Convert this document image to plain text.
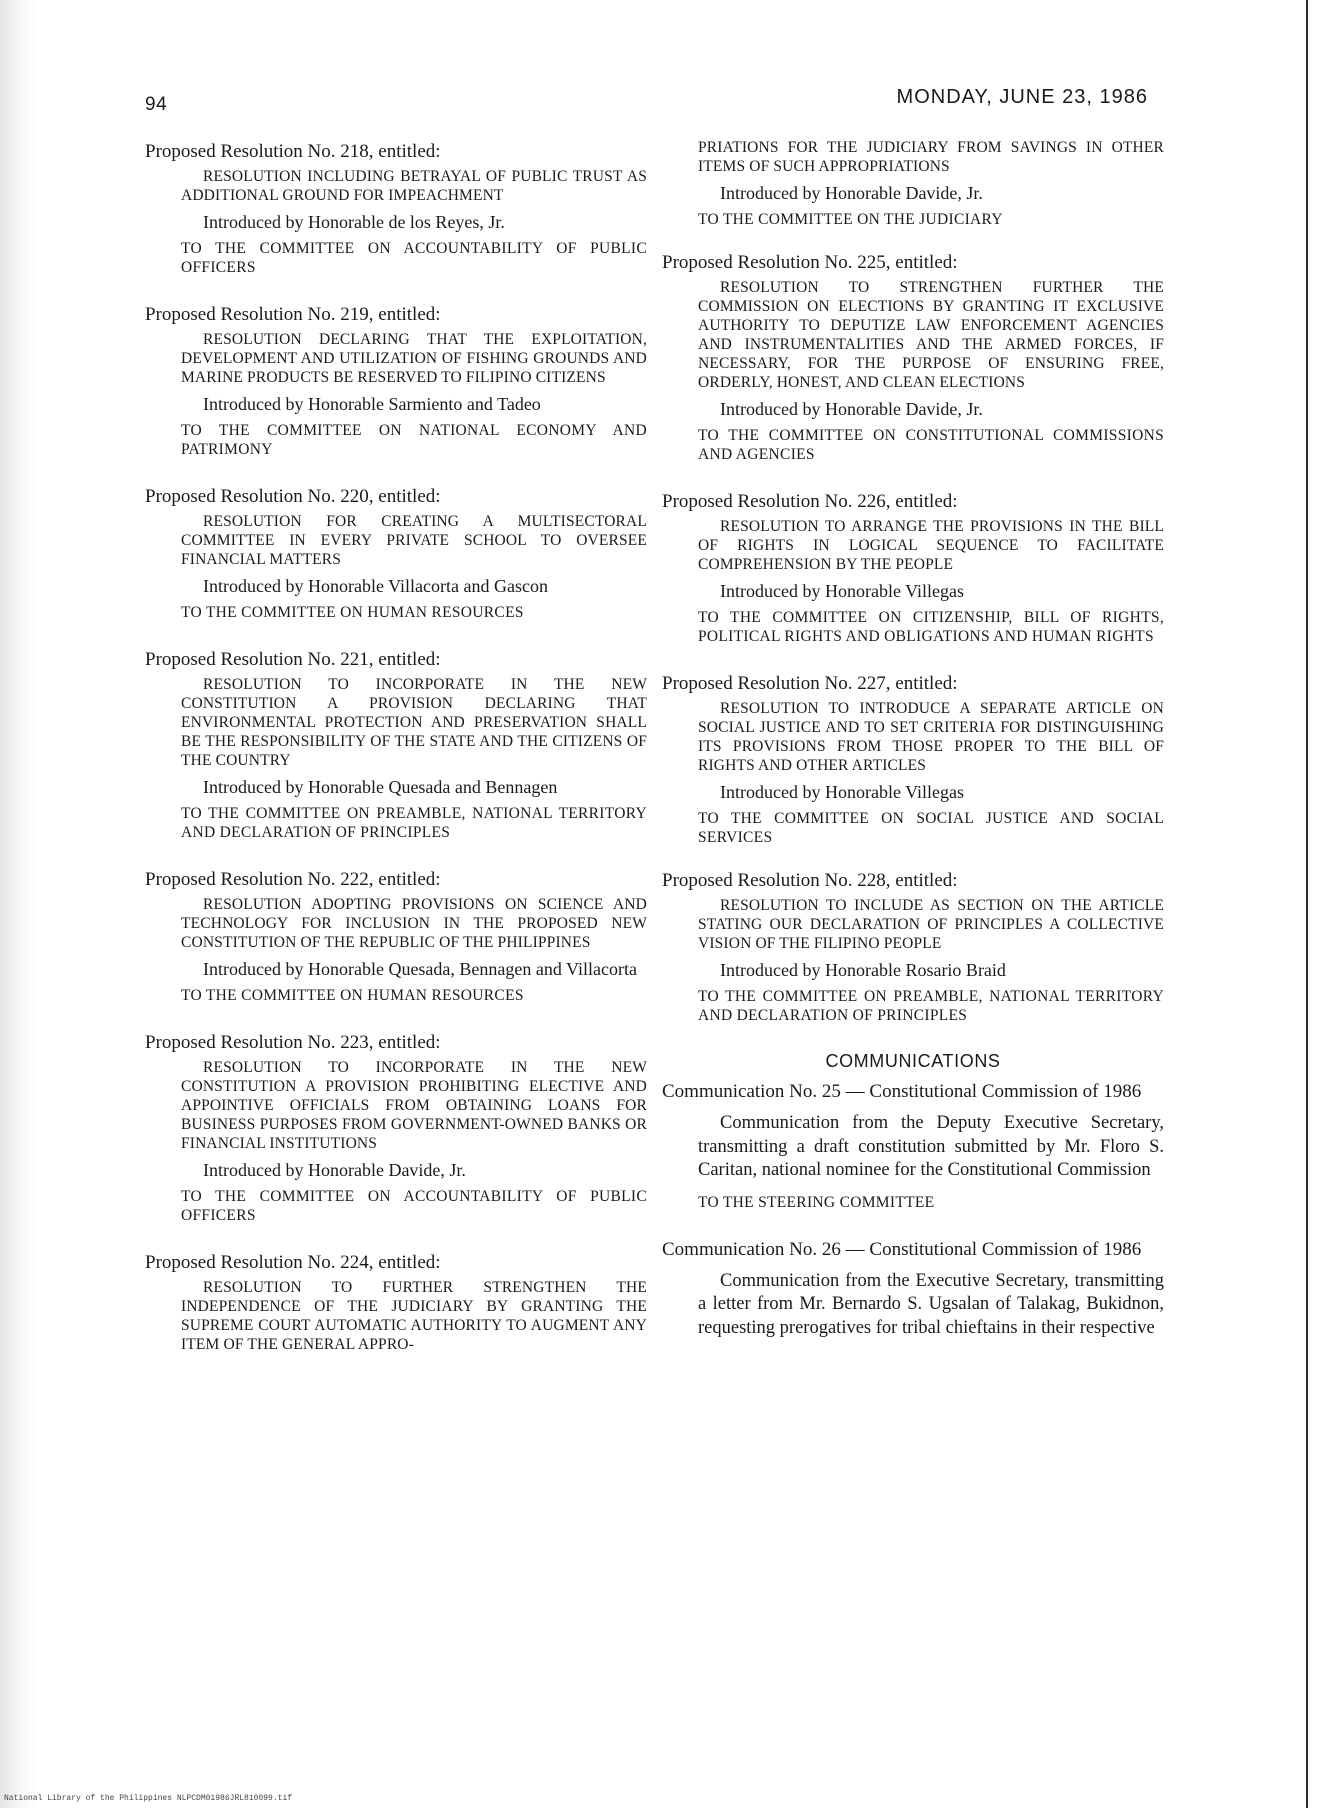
94	MONDAY, JUNE 23, 1986

Proposed Resolution No. 218, entitled:

RESOLUTION INCLUDING BETRAYAL OF PUBLIC TRUST AS ADDITIONAL GROUND FOR IMPEACHMENT

Introduced by Honorable de los Reyes, Jr.

TO THE COMMITTEE ON ACCOUNTABILITY OF PUBLIC OFFICERS

Proposed Resolution No. 219, entitled:

RESOLUTION DECLARING THAT THE EXPLOITATION, DEVELOPMENT AND UTILIZATION OF FISHING GROUNDS AND MARINE PRODUCTS BE RESERVED TO FILIPINO CITIZENS

Introduced by Honorable Sarmiento and Tadeo

TO THE COMMITTEE ON NATIONAL ECONOMY AND PATRIMONY

Proposed Resolution No. 220, entitled:

RESOLUTION FOR CREATING A MULTISECTORAL COMMITTEE IN EVERY PRIVATE SCHOOL TO OVERSEE FINANCIAL MATTERS

Introduced by Honorable Villacorta and Gascon

TO THE COMMITTEE ON HUMAN RESOURCES

Proposed Resolution No. 221, entitled:

RESOLUTION TO INCORPORATE IN THE NEW CONSTITUTION A PROVISION DECLARING THAT ENVIRONMENTAL PROTECTION AND PRESERVATION SHALL BE THE RESPONSIBILITY OF THE STATE AND THE CITIZENS OF THE COUNTRY

Introduced by Honorable Quesada and Bennagen

TO THE COMMITTEE ON PREAMBLE, NATIONAL TERRITORY AND DECLARATION OF PRINCIPLES

Proposed Resolution No. 222, entitled:

RESOLUTION ADOPTING PROVISIONS ON SCIENCE AND TECHNOLOGY FOR INCLUSION IN THE PROPOSED NEW CONSTITUTION OF THE REPUBLIC OF THE PHILIPPINES

Introduced by Honorable Quesada, Bennagen and Villacorta

TO THE COMMITTEE ON HUMAN RESOURCES

Proposed Resolution No. 223, entitled:

RESOLUTION TO INCORPORATE IN THE NEW CONSTITUTION A PROVISION PROHIBITING ELECTIVE AND APPOINTIVE OFFICIALS FROM OBTAINING LOANS FOR BUSINESS PURPOSES FROM GOVERNMENT-OWNED BANKS OR FINANCIAL INSTITUTIONS

Introduced by Honorable Davide, Jr.

TO THE COMMITTEE ON ACCOUNTABILITY OF PUBLIC OFFICERS

Proposed Resolution No. 224, entitled:

RESOLUTION TO FURTHER STRENGTHEN THE INDEPENDENCE OF THE JUDICIARY BY GRANTING THE SUPREME COURT AUTOMATIC AUTHORITY TO AUGMENT ANY ITEM OF THE GENERAL APPRO-

PRIATIONS FOR THE JUDICIARY FROM SAVINGS IN OTHER ITEMS OF SUCH APPROPRIATIONS

Introduced by Honorable Davide, Jr.

TO THE COMMITTEE ON THE JUDICIARY

Proposed Resolution No. 225, entitled:

RESOLUTION TO STRENGTHEN FURTHER THE COMMISSION ON ELECTIONS BY GRANTING IT EXCLUSIVE AUTHORITY TO DEPUTIZE LAW ENFORCEMENT AGENCIES AND INSTRUMENTALITIES AND THE ARMED FORCES, IF NECESSARY, FOR THE PURPOSE OF ENSURING FREE, ORDERLY, HONEST, AND CLEAN ELECTIONS

Introduced by Honorable Davide, Jr.

TO THE COMMITTEE ON CONSTITUTIONAL COMMISSIONS AND AGENCIES

Proposed Resolution No. 226, entitled:

RESOLUTION TO ARRANGE THE PROVISIONS IN THE BILL OF RIGHTS IN LOGICAL SEQUENCE TO FACILITATE COMPREHENSION BY THE PEOPLE

Introduced by Honorable Villegas

TO THE COMMITTEE ON CITIZENSHIP, BILL OF RIGHTS, POLITICAL RIGHTS AND OBLIGATIONS AND HUMAN RIGHTS

Proposed Resolution No. 227, entitled:

RESOLUTION TO INTRODUCE A SEPARATE ARTICLE ON SOCIAL JUSTICE AND TO SET CRITERIA FOR DISTINGUISHING ITS PROVISIONS FROM THOSE PROPER TO THE BILL OF RIGHTS AND OTHER ARTICLES

Introduced by Honorable Villegas

TO THE COMMITTEE ON SOCIAL JUSTICE AND SOCIAL SERVICES

Proposed Resolution No. 228, entitled:

RESOLUTION TO INCLUDE AS SECTION ON THE ARTICLE STATING OUR DECLARATION OF PRINCIPLES A COLLECTIVE VISION OF THE FILIPINO PEOPLE

Introduced by Honorable Rosario Braid

TO THE COMMITTEE ON PREAMBLE, NATIONAL TERRITORY AND DECLARATION OF PRINCIPLES

COMMUNICATIONS

Communication No. 25 — Constitutional Commission of 1986

Communication from the Deputy Executive Secretary, transmitting a draft constitution submitted by Mr. Floro S. Caritan, national nominee for the Constitutional Commission

TO THE STEERING COMMITTEE

Communication No. 26 — Constitutional Commission of 1986

Communication from the Executive Secretary, transmitting a letter from Mr. Bernardo S. Ugsalan of Talakag, Bukidnon, requesting prerogatives for tribal chieftains in their respective

National Library of the Philippines NLPCDM01986JRL810099.tif
